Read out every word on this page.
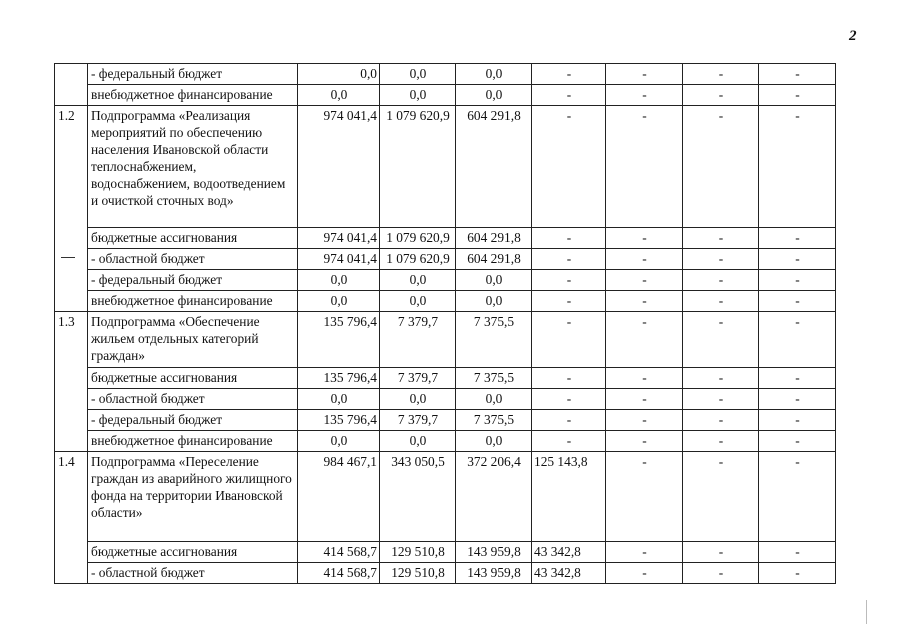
2
	- федеральный бюджет	0,0	0,0	0,0	-	-	-	-
	внебюджетное финансирование	0,0	0,0	0,0	-	-	-	-
1.2	Подпрограмма «Реализация мероприятий по обеспечению населения Ивановской области теплоснабжением, водоснабжением, водоотведением и очисткой сточных вод»	974 041,4	1 079 620,9	604 291,8	-	-	-	-
	бюджетные ассигнования	974 041,4	1 079 620,9	604 291,8	-	-	-	-
	- областной бюджет	974 041,4	1 079 620,9	604 291,8	-	-	-	-
	- федеральный бюджет	0,0	0,0	0,0	-	-	-	-
	внебюджетное финансирование	0,0	0,0	0,0	-	-	-	-
1.3	Подпрограмма «Обеспечение жильем отдельных категорий граждан»	135 796,4	7 379,7	7 375,5	-	-	-	-
	бюджетные ассигнования	135 796,4	7 379,7	7 375,5	-	-	-	-
	- областной бюджет	0,0	0,0	0,0	-	-	-	-
	- федеральный бюджет	135 796,4	7 379,7	7 375,5	-	-	-	-
	внебюджетное финансирование	0,0	0,0	0,0	-	-	-	-
1.4	Подпрограмма «Переселение граждан из аварийного жилищного фонда на территории Ивановской области»	984 467,1	343 050,5	372 206,4	125 143,8	-	-	-
	бюджетные ассигнования	414 568,7	129 510,8	143 959,8	43 342,8	-	-	-
	- областной бюджет	414 568,7	129 510,8	143 959,8	43 342,8	-	-	-
